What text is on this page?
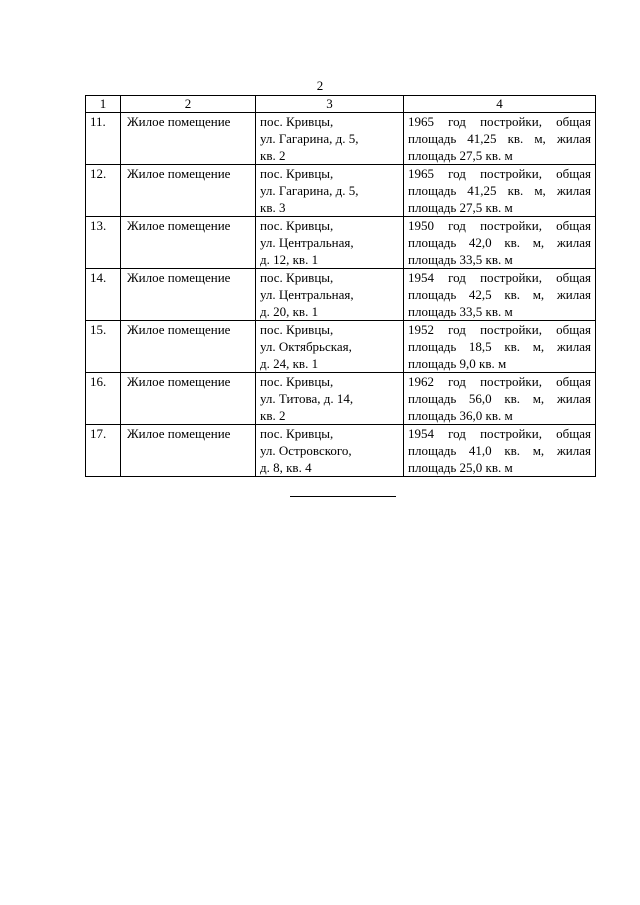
2
1	2	3	4
11.	Жилое помещение	пос. Кривцы,
ул. Гагарина, д. 5,
кв. 2	1965 год постройки, общая
площадь 41,25 кв. м, жилая
площадь 27,5 кв. м

12.	Жилое помещение	пос. Кривцы,
ул. Гагарина, д. 5,
кв. 3	1965 год постройки, общая
площадь 41,25 кв. м, жилая
площадь 27,5 кв. м

13.	Жилое помещение	пос. Кривцы,
ул. Центральная,
д. 12, кв. 1	1950 год постройки, общая
площадь 42,0 кв. м, жилая
площадь 33,5 кв. м

14.	Жилое помещение	пос. Кривцы,
ул. Центральная,
д. 20, кв. 1	1954 год постройки, общая
площадь 42,5 кв. м, жилая
площадь 33,5 кв. м

15.	Жилое помещение	пос. Кривцы,
ул. Октябрьская,
д. 24, кв. 1	1952 год постройки, общая
площадь 18,5 кв. м, жилая
площадь 9,0 кв. м

16.	Жилое помещение	пос. Кривцы,
ул. Титова, д. 14,
кв. 2	1962 год постройки, общая
площадь 56,0 кв. м, жилая
площадь 36,0 кв. м

17.	Жилое помещение	пос. Кривцы,
ул. Островского,
д. 8, кв. 4	1954 год постройки, общая
площадь 41,0 кв. м, жилая
площадь 25,0 кв. м
